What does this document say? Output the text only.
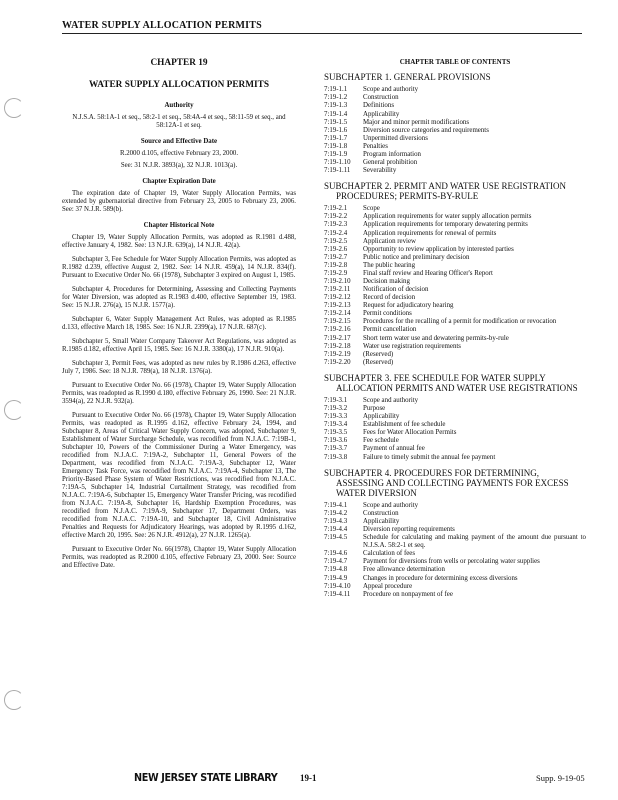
WATER SUPPLY ALLOCATION PERMITS
CHAPTER 19
WATER SUPPLY ALLOCATION PERMITS
Authority
N.J.S.A. 58:1A-1 et seq., 58:2-1 et seq., 58:4A-4 et seq., 58:11-59 et seq., and 58:12A-1 et seq.
Source and Effective Date
R.2000 d.105, effective February 23, 2000.
See: 31 N.J.R. 3893(a), 32 N.J.R. 1013(a).
Chapter Expiration Date
The expiration date of Chapter 19, Water Supply Allocation Permits, was extended by gubernatorial directive from February 23, 2005 to February 23, 2006. See: 37 N.J.R. 589(b).
Chapter Historical Note
Chapter 19, Water Supply Allocation Permits, was adopted as R.1981 d.488, effective January 4, 1982. See: 13 N.J.R. 639(a), 14 N.J.R. 42(a).
Subchapter 3, Fee Schedule for Water Supply Allocation Permits, was adopted as R.1982 d.239, effective August 2, 1982. See: 14 N.J.R. 459(a), 14 N.J.R. 834(f). Pursuant to Executive Order No. 66 (1978), Subchapter 3 expired on August 1, 1985.
Subchapter 4, Procedures for Determining, Assessing and Collecting Payments for Water Diversion, was adopted as R.1983 d.400, effective September 19, 1983. See: 15 N.J.R. 276(a), 15 N.J.R. 1577(a).
Subchapter 6, Water Supply Management Act Rules, was adopted as R.1985 d.133, effective March 18, 1985. See: 16 N.J.R. 2399(a), 17 N.J.R. 687(c).
Subchapter 5, Small Water Company Takeover Act Regulations, was adopted as R.1985 d.182, effective April 15, 1985. See: 16 N.J.R. 3380(a), 17 N.J.R. 910(a).
Subchapter 3, Permit Fees, was adopted as new rules by R.1986 d.263, effective July 7, 1986. See: 18 N.J.R. 789(a), 18 N.J.R. 1376(a).
Pursuant to Executive Order No. 66 (1978), Chapter 19, Water Supply Allocation Permits, was readopted as R.1990 d.180, effective February 26, 1990. See: 21 N.J.R. 3594(a), 22 N.J.R. 932(a).
Pursuant to Executive Order No. 66 (1978), Chapter 19, Water Supply Allocation Permits, was readopted as R.1995 d.162, effective February 24, 1994, and Subchapter 8, Areas of Critical Water Supply Concern, was adopted, Subchapter 9, Establishment of Water Surcharge Schedule, was recodified from N.J.A.C. 7:19B-1, Subchapter 10, Powers of the Commissioner During a Water Emergency, was recodified from N.J.A.C. 7:19A-2, Subchapter 11, General Powers of the Department, was recodified from N.J.A.C. 7:19A-3, Subchapter 12, Water Emergency Task Force, was recodified from N.J.A.C. 7:19A-4, Subchapter 13, The Priority-Based Phase System of Water Restrictions, was recodified from N.J.A.C. 7:19A-5, Subchapter 14, Industrial Curtailment Strategy, was recodified from N.J.A.C. 7:19A-6, Subchapter 15, Emergency Water Transfer Pricing, was recodified from N.J.A.C. 7:19A-8, Subchapter 16, Hardship Exemption Procedures, was recodified from N.J.A.C. 7:19A-9, Subchapter 17, Department Orders, was recodified from N.J.A.C. 7:19A-10, and Subchapter 18, Civil Administrative Penalties and Requests for Adjudicatory Hearings, was adopted by R.1995 d.162, effective March 20, 1995. See: 26 N.J.R. 4912(a), 27 N.J.R. 1265(a).
Pursuant to Executive Order No. 66(1978), Chapter 19, Water Supply Allocation Permits, was readopted as R.2000 d.105, effective February 23, 2000. See: Source and Effective Date.
CHAPTER TABLE OF CONTENTS
SUBCHAPTER 1. GENERAL PROVISIONS
7:19-1.1	Scope and authority
7:19-1.2	Construction
7:19-1.3	Definitions
7:19-1.4	Applicability
7:19-1.5	Major and minor permit modifications
7:19-1.6	Diversion source categories and requirements
7:19-1.7	Unpermitted diversions
7:19-1.8	Penalties
7:19-1.9	Program information
7:19-1.10	General prohibition
7:19-1.11	Severability
SUBCHAPTER 2. PERMIT AND WATER USE REGISTRATION PROCEDURES; PERMITS-BY-RULE
7:19-2.1	Scope
7:19-2.2	Application requirements for water supply allocation permits
7:19-2.3	Application requirements for temporary dewatering permits
7:19-2.4	Application requirements for renewal of permits
7:19-2.5	Application review
7:19-2.6	Opportunity to review application by interested parties
7:19-2.7	Public notice and preliminary decision
7:19-2.8	The public hearing
7:19-2.9	Final staff review and Hearing Officer's Report
7:19-2.10	Decision making
7:19-2.11	Notification of decision
7:19-2.12	Record of decision
7:19-2.13	Request for adjudicatory hearing
7:19-2.14	Permit conditions
7:19-2.15	Procedures for the recalling of a permit for modification or revocation
7:19-2.16	Permit cancellation
7:19-2.17	Short term water use and dewatering permits-by-rule
7:19-2.18	Water use registration requirements
7:19-2.19	(Reserved)
7:19-2.20	(Reserved)
SUBCHAPTER 3. FEE SCHEDULE FOR WATER SUPPLY ALLOCATION PERMITS AND WATER USE REGISTRATIONS
7:19-3.1	Scope and authority
7:19-3.2	Purpose
7:19-3.3	Applicability
7:19-3.4	Establishment of fee schedule
7:19-3.5	Fees for Water Allocation Permits
7:19-3.6	Fee schedule
7:19-3.7	Payment of annual fee
7:19-3.8	Failure to timely submit the annual fee payment
SUBCHAPTER 4. PROCEDURES FOR DETERMINING, ASSESSING AND COLLECTING PAYMENTS FOR EXCESS WATER DIVERSION
7:19-4.1	Scope and authority
7:19-4.2	Construction
7:19-4.3	Applicability
7:19-4.4	Diversion reporting requirements
7:19-4.5	Schedule for calculating and making payment of the amount due pursuant to N.J.S.A. 58:2-1 et seq.
7:19-4.6	Calculation of fees
7:19-4.7	Payment for diversions from wells or percolating water supplies
7:19-4.8	Free allowance determination
7:19-4.9	Changes in procedure for determining excess diversions
7:19-4.10	Appeal procedure
7:19-4.11	Procedure on nonpayment of fee
NEW JERSEY STATE LIBRARY	19-1	Supp. 9-19-05
